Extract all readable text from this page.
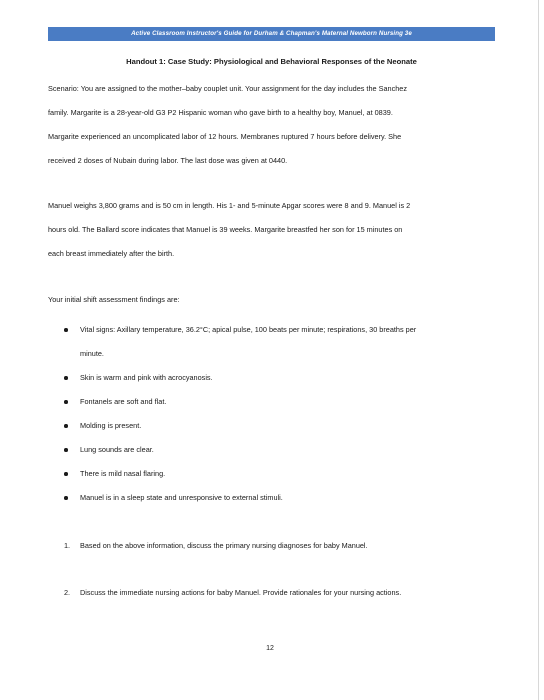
Active Classroom Instructor's Guide for Durham & Chapman's Maternal Newborn Nursing 3e
Handout 1: Case Study: Physiological and Behavioral Responses of the Neonate
Scenario: You are assigned to the mother–baby couplet unit. Your assignment for the day includes the Sanchez
family. Margarite is a 28-year-old G3 P2 Hispanic woman who gave birth to a healthy boy, Manuel, at 0839.
Margarite experienced an uncomplicated labor of 12 hours. Membranes ruptured 7 hours before delivery. She
received 2 doses of Nubain during labor. The last dose was given at 0440.
Manuel weighs 3,800 grams and is 50 cm in length. His 1- and 5-minute Apgar scores were 8 and 9. Manuel is 2
hours old. The Ballard score indicates that Manuel is 39 weeks. Margarite breastfed her son for 15 minutes on
each breast immediately after the birth.
Your initial shift assessment findings are:
Vital signs: Axillary temperature, 36.2°C; apical pulse, 100 beats per minute; respirations, 30 breaths per
minute.
Skin is warm and pink with acrocyanosis.
Fontanels are soft and flat.
Molding is present.
Lung sounds are clear.
There is mild nasal flaring.
Manuel is in a sleep state and unresponsive to external stimuli.
1. Based on the above information, discuss the primary nursing diagnoses for baby Manuel.
2. Discuss the immediate nursing actions for baby Manuel. Provide rationales for your nursing actions.
12
